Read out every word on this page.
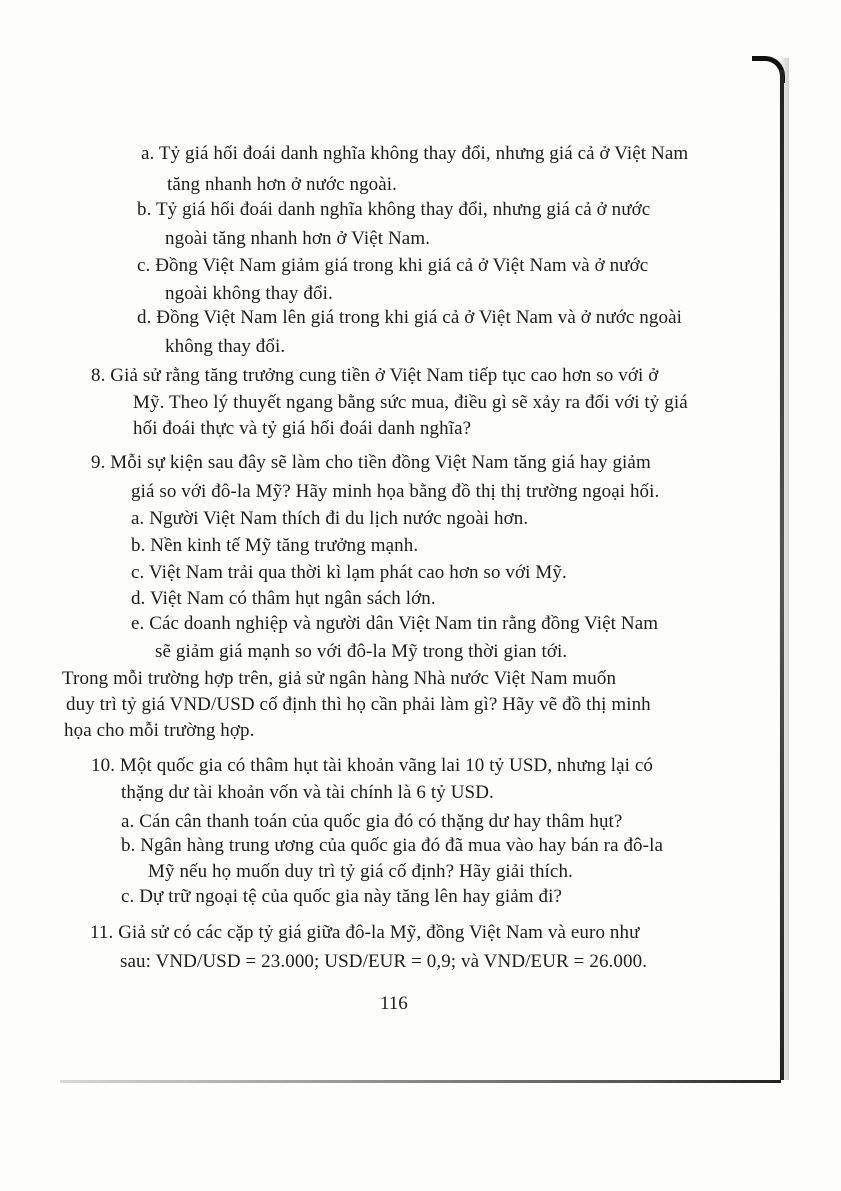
a. Tỷ giá hối đoái danh nghĩa không thay đổi, nhưng giá cả ở Việt Nam
tăng nhanh hơn ở nước ngoài.
b. Tỷ giá hối đoái danh nghĩa không thay đổi, nhưng giá cả ở nước
ngoài tăng nhanh hơn ở Việt Nam.
c. Đồng Việt Nam giảm giá trong khi giá cả ở Việt Nam và ở nước
ngoài không thay đổi.
d. Đồng Việt Nam lên giá trong khi giá cả ở Việt Nam và ở nước ngoài
không thay đổi.
8. Giả sử rằng tăng trưởng cung tiền ở Việt Nam tiếp tục cao hơn so với ở
Mỹ. Theo lý thuyết ngang bằng sức mua, điều gì sẽ xảy ra đối với tỷ giá
hối đoái thực và tỷ giá hối đoái danh nghĩa?
9. Mỗi sự kiện sau đây sẽ làm cho tiền đồng Việt Nam tăng giá hay giảm
giá so với đô-la Mỹ? Hãy minh họa bằng đồ thị thị trường ngoại hối.
a. Người Việt Nam thích đi du lịch nước ngoài hơn.
b. Nền kinh tế Mỹ tăng trưởng mạnh.
c. Việt Nam trải qua thời kì lạm phát cao hơn so với Mỹ.
d. Việt Nam có thâm hụt ngân sách lớn.
e. Các doanh nghiệp và người dân Việt Nam tin rằng đồng Việt Nam
sẽ giảm giá mạnh so với đô-la Mỹ trong thời gian tới.
Trong mỗi trường hợp trên, giả sử ngân hàng Nhà nước Việt Nam muốn
duy trì tỷ giá VND/USD cố định thì họ cần phải làm gì? Hãy vẽ đồ thị minh
họa cho mỗi trường hợp.
10. Một quốc gia có thâm hụt tài khoản vãng lai 10 tỷ USD, nhưng lại có
thặng dư tài khoản vốn và tài chính là 6 tỷ USD.
a. Cán cân thanh toán của quốc gia đó có thặng dư hay thâm hụt?
b. Ngân hàng trung ương của quốc gia đó đã mua vào hay bán ra đô-la
Mỹ nếu họ muốn duy trì tỷ giá cố định? Hãy giải thích.
c. Dự trữ ngoại tệ của quốc gia này tăng lên hay giảm đi?
11. Giả sử có các cặp tỷ giá giữa đô-la Mỹ, đồng Việt Nam và euro như
sau: VND/USD = 23.000; USD/EUR = 0,9; và VND/EUR = 26.000.
116
